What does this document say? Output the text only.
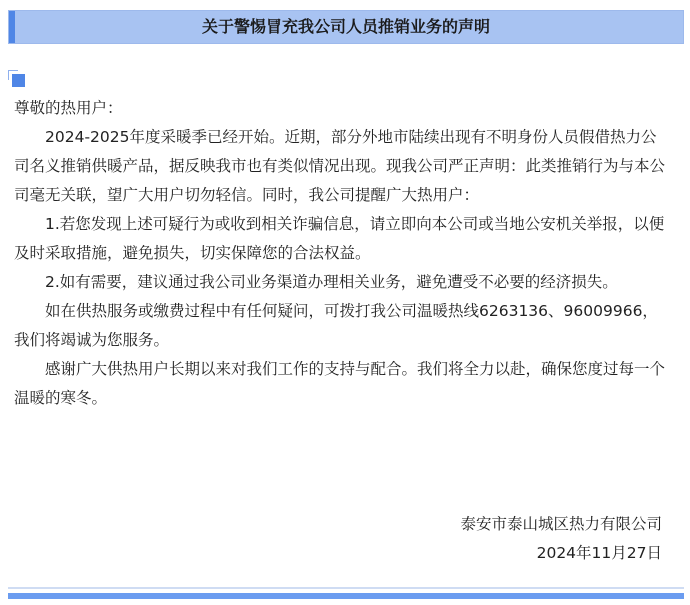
关于警惕冒充我公司人员推销业务的声明

尊敬的热用户：

2024-2025年度采暖季已经开始。近期，部分外地市陆续出现有不明身份人员假借热力公司名义推销供暖产品，据反映我市也有类似情况出现。现我公司严正声明：此类推销行为与本公司毫无关联，望广大用户切勿轻信。同时，我公司提醒广大热用户：

1.若您发现上述可疑行为或收到相关诈骗信息，请立即向本公司或当地公安机关举报，以便及时采取措施，避免损失，切实保障您的合法权益。

2.如有需要，建议通过我公司业务渠道办理相关业务，避免遭受不必要的经济损失。

如在供热服务或缴费过程中有任何疑问，可拨打我公司温暖热线6263136、96009966，我们将竭诚为您服务。

感谢广大供热用户长期以来对我们工作的支持与配合。我们将全力以赴，确保您度过每一个温暖的寒冬。

泰安市泰山城区热力有限公司
2024年11月27日
